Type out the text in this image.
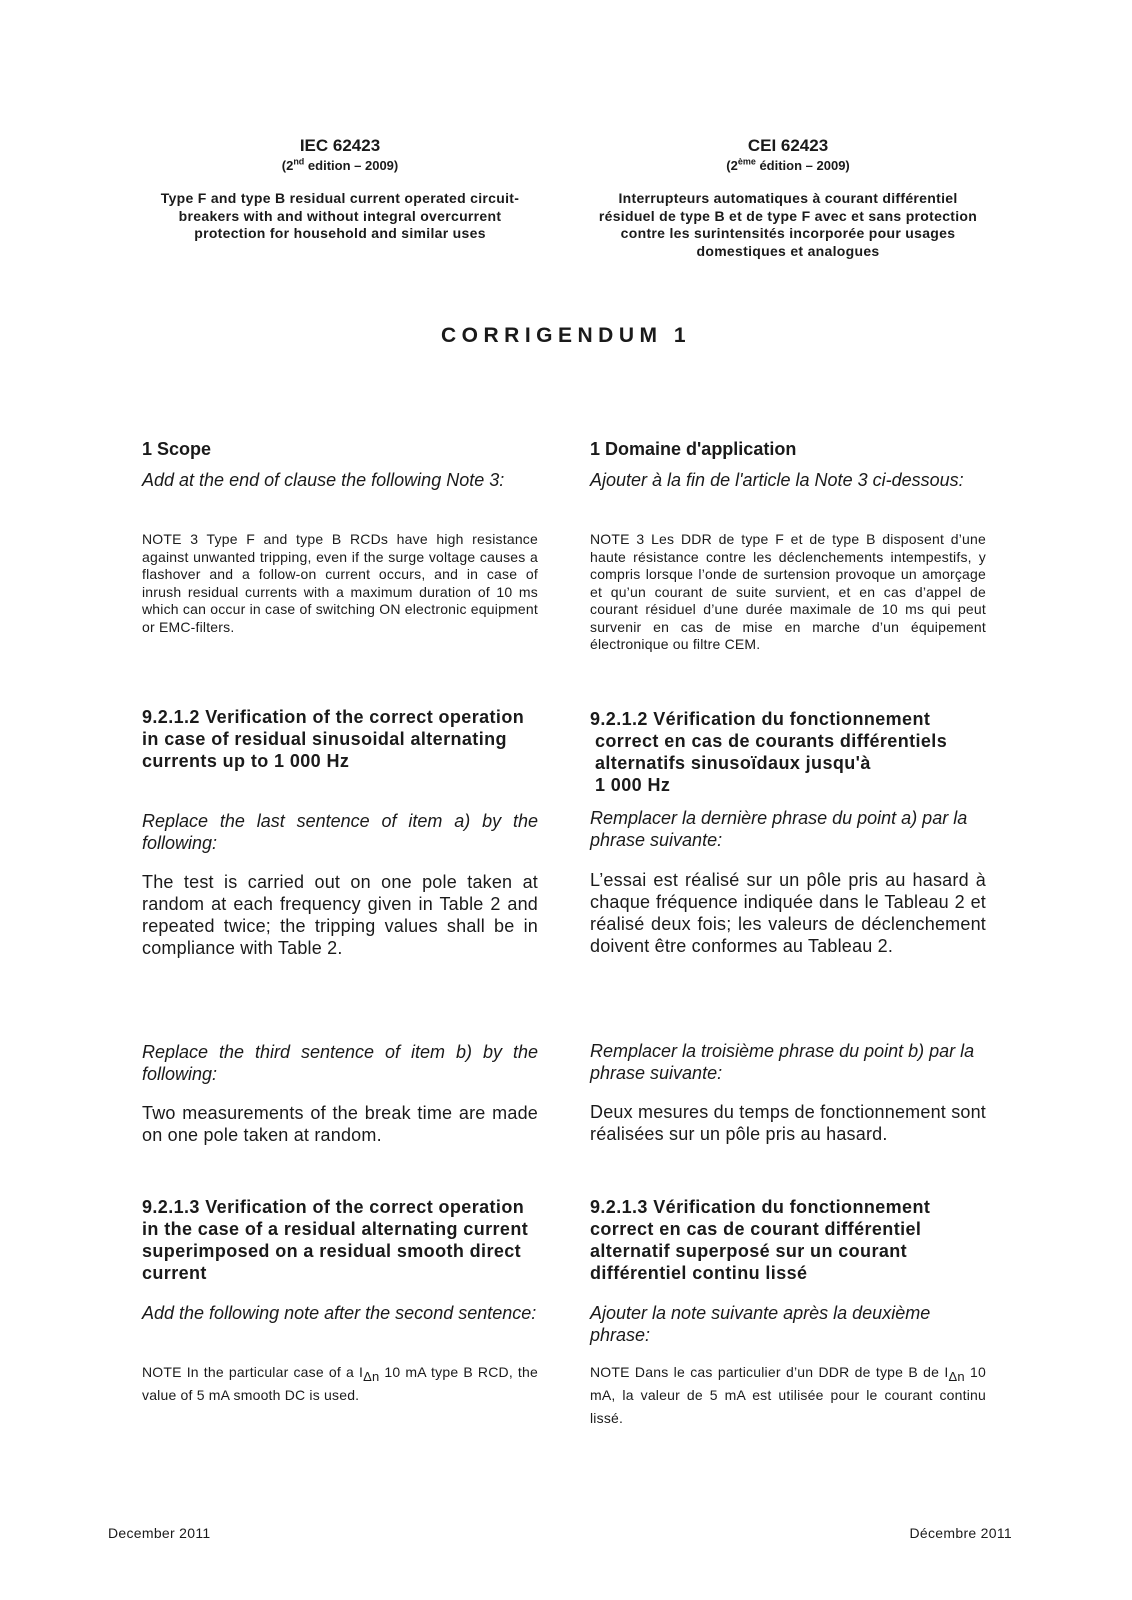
IEC 62423
(2nd edition – 2009)
Type F and type B residual current operated circuit-breakers with and without integral overcurrent protection for household and similar uses
CEI 62423
(2ème édition – 2009)
Interrupteurs automatiques à courant différentiel résiduel de type B et de type F avec et sans protection contre les surintensités incorporée pour usages domestiques et analogues
CORRIGENDUM 1
1 Scope
Add at the end of clause the following Note 3:
NOTE 3 Type F and type B RCDs have high resistance against unwanted tripping, even if the surge voltage causes a flashover and a follow-on current occurs, and in case of inrush residual currents with a maximum duration of 10 ms which can occur in case of switching ON electronic equipment or EMC-filters.
9.2.1.2 Verification of the correct operation in case of residual sinusoidal alternating currents up to 1 000 Hz
Replace the last sentence of item a) by the following:
The test is carried out on one pole taken at random at each frequency given in Table 2 and repeated twice; the tripping values shall be in compliance with Table 2.
Replace the third sentence of item b) by the following:
Two measurements of the break time are made on one pole taken at random.
9.2.1.3 Verification of the correct operation in the case of a residual alternating current superimposed on a residual smooth direct current
Add the following note after the second sentence:
NOTE In the particular case of a $I_{\Delta n}$ 10 mA type B RCD, the value of 5 mA smooth DC is used.
1 Domaine d'application
Ajouter à la fin de l'article la Note 3 ci-dessous:
NOTE 3 Les DDR de type F et de type B disposent d’une haute résistance contre les déclenchements intempestifs, y compris lorsque l’onde de surtension provoque un amorçage et qu’un courant de suite survient, et en cas d’appel de courant résiduel d’une durée maximale de 10 ms qui peut survenir en cas de mise en marche d’un équipement électronique ou filtre CEM.
9.2.1.2 Vérification du fonctionnement
correct en cas de courants différentiels
alternatifs sinusoïdaux jusqu'à
1 000 Hz
Remplacer la dernière phrase du point a) par la phrase suivante:
L’essai est réalisé sur un pôle pris au hasard à chaque fréquence indiquée dans le Tableau 2 et réalisé deux fois; les valeurs de déclenchement doivent être conformes au Tableau 2.
Remplacer la troisième phrase du point b) par la phrase suivante:
Deux mesures du temps de fonctionnement sont réalisées sur un pôle pris au hasard.
9.2.1.3 Vérification du fonctionnement correct en cas de courant différentiel alternatif superposé sur un courant différentiel continu lissé
Ajouter la note suivante après la deuxième phrase:
NOTE Dans le cas particulier d’un DDR de type B de $I_{\Delta n}$ 10 mA, la valeur de 5 mA est utilisée pour le courant continu lissé.
December 2011	Décembre 2011
